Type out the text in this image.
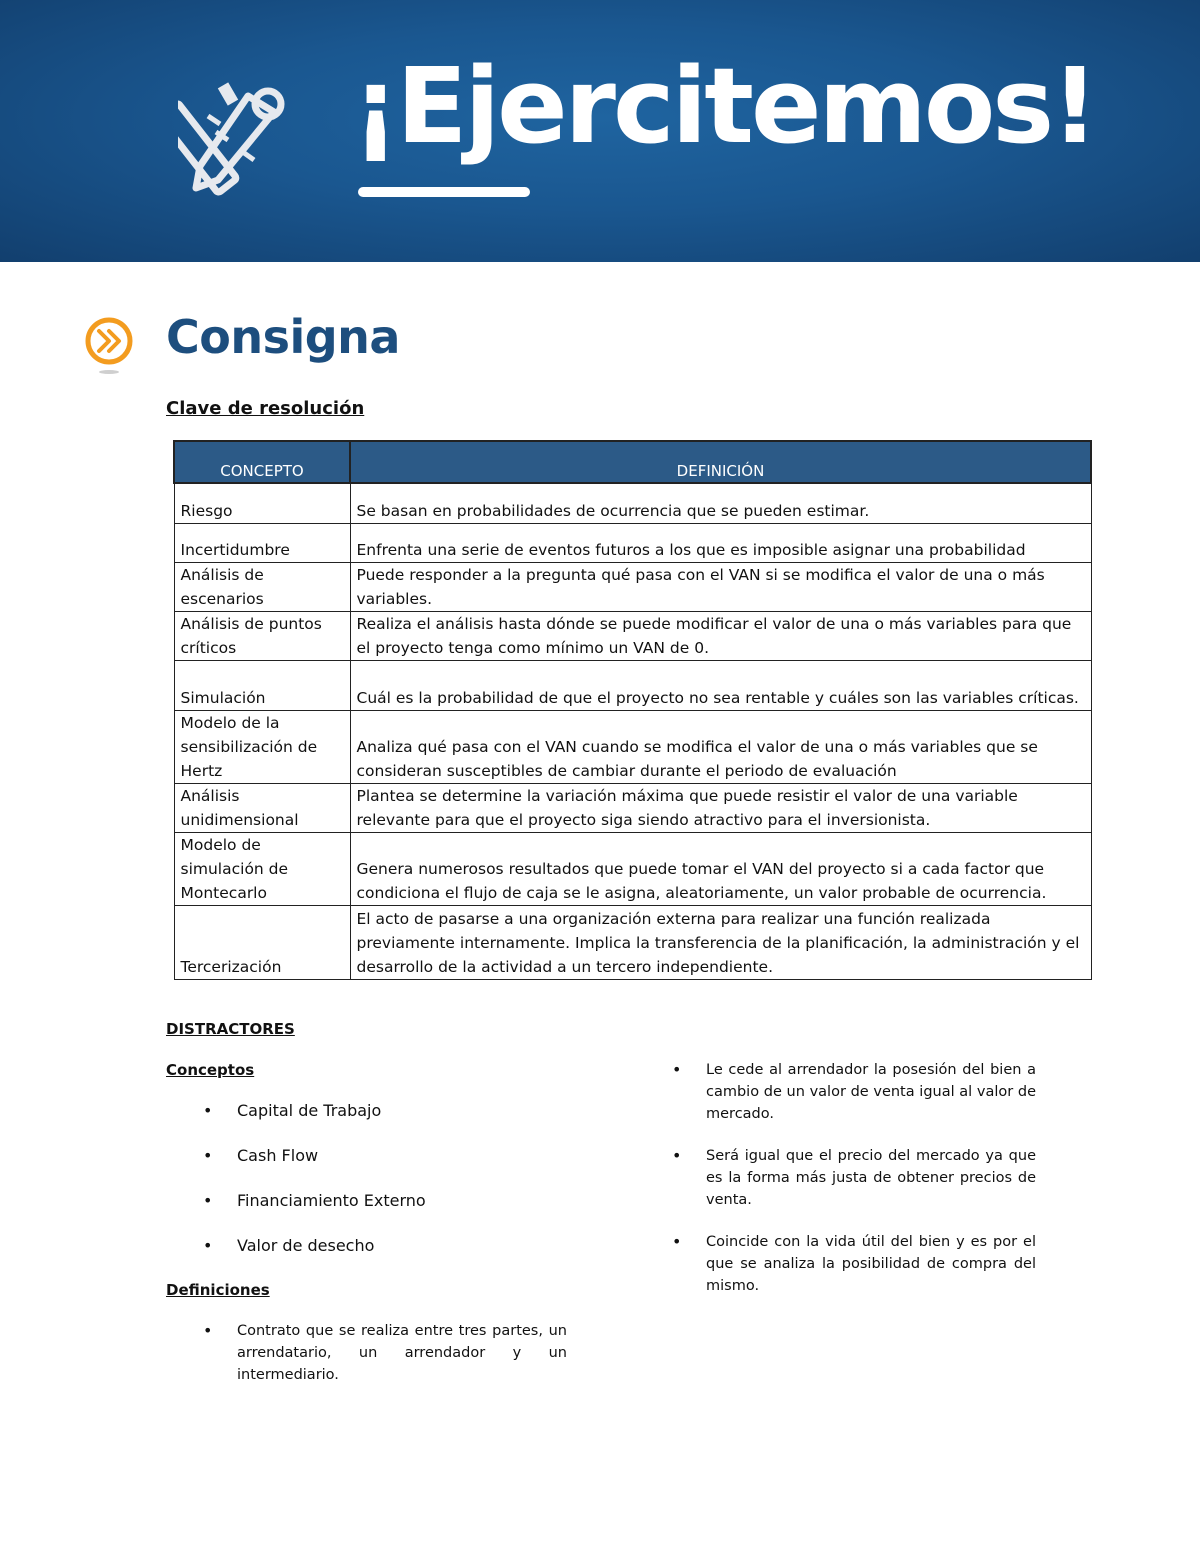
¡Ejercitemos!
Consigna
Clave de resolución
CONCEPTO	DEFINICIÓN
Riesgo	Se basan en probabilidades de ocurrencia que se pueden estimar.
Incertidumbre	Enfrenta una serie de eventos futuros a los que es imposible asignar una probabilidad
Análisis de escenarios	Puede responder a la pregunta qué pasa con el VAN si se modifica el valor de una o más variables.
Análisis de puntos críticos	Realiza el análisis hasta dónde se puede modificar el valor de una o más variables para que el proyecto tenga como mínimo un VAN de 0.
Simulación	Cuál es la probabilidad de que el proyecto no sea rentable y cuáles son las variables críticas.
Modelo de la sensibilización de Hertz	Analiza qué pasa con el VAN cuando se modifica el valor de una o más variables que se consideran susceptibles de cambiar durante el periodo de evaluación
Análisis unidimensional	Plantea se determine la variación máxima que puede resistir el valor de una variable relevante para que el proyecto siga siendo atractivo para el inversionista.
Modelo de simulación de Montecarlo	Genera numerosos resultados que puede tomar el VAN del proyecto si a cada factor que condiciona el flujo de caja se le asigna, aleatoriamente, un valor probable de ocurrencia.
Tercerización	El acto de pasarse a una organización externa para realizar una función realizada previamente internamente. Implica la transferencia de la planificación, la administración y el desarrollo de la actividad a un tercero independiente.
DISTRACTORES
Conceptos
• Capital de Trabajo
• Cash Flow
• Financiamiento Externo
• Valor de desecho
Definiciones
• Contrato que se realiza entre tres partes, un arrendatario, un arrendador y un intermediario.
• Le cede al arrendador la posesión del bien a cambio de un valor de venta igual al valor de mercado.
• Será igual que el precio del mercado ya que es la forma más justa de obtener precios de venta.
• Coincide con la vida útil del bien y es por el que se analiza la posibilidad de compra del mismo.
